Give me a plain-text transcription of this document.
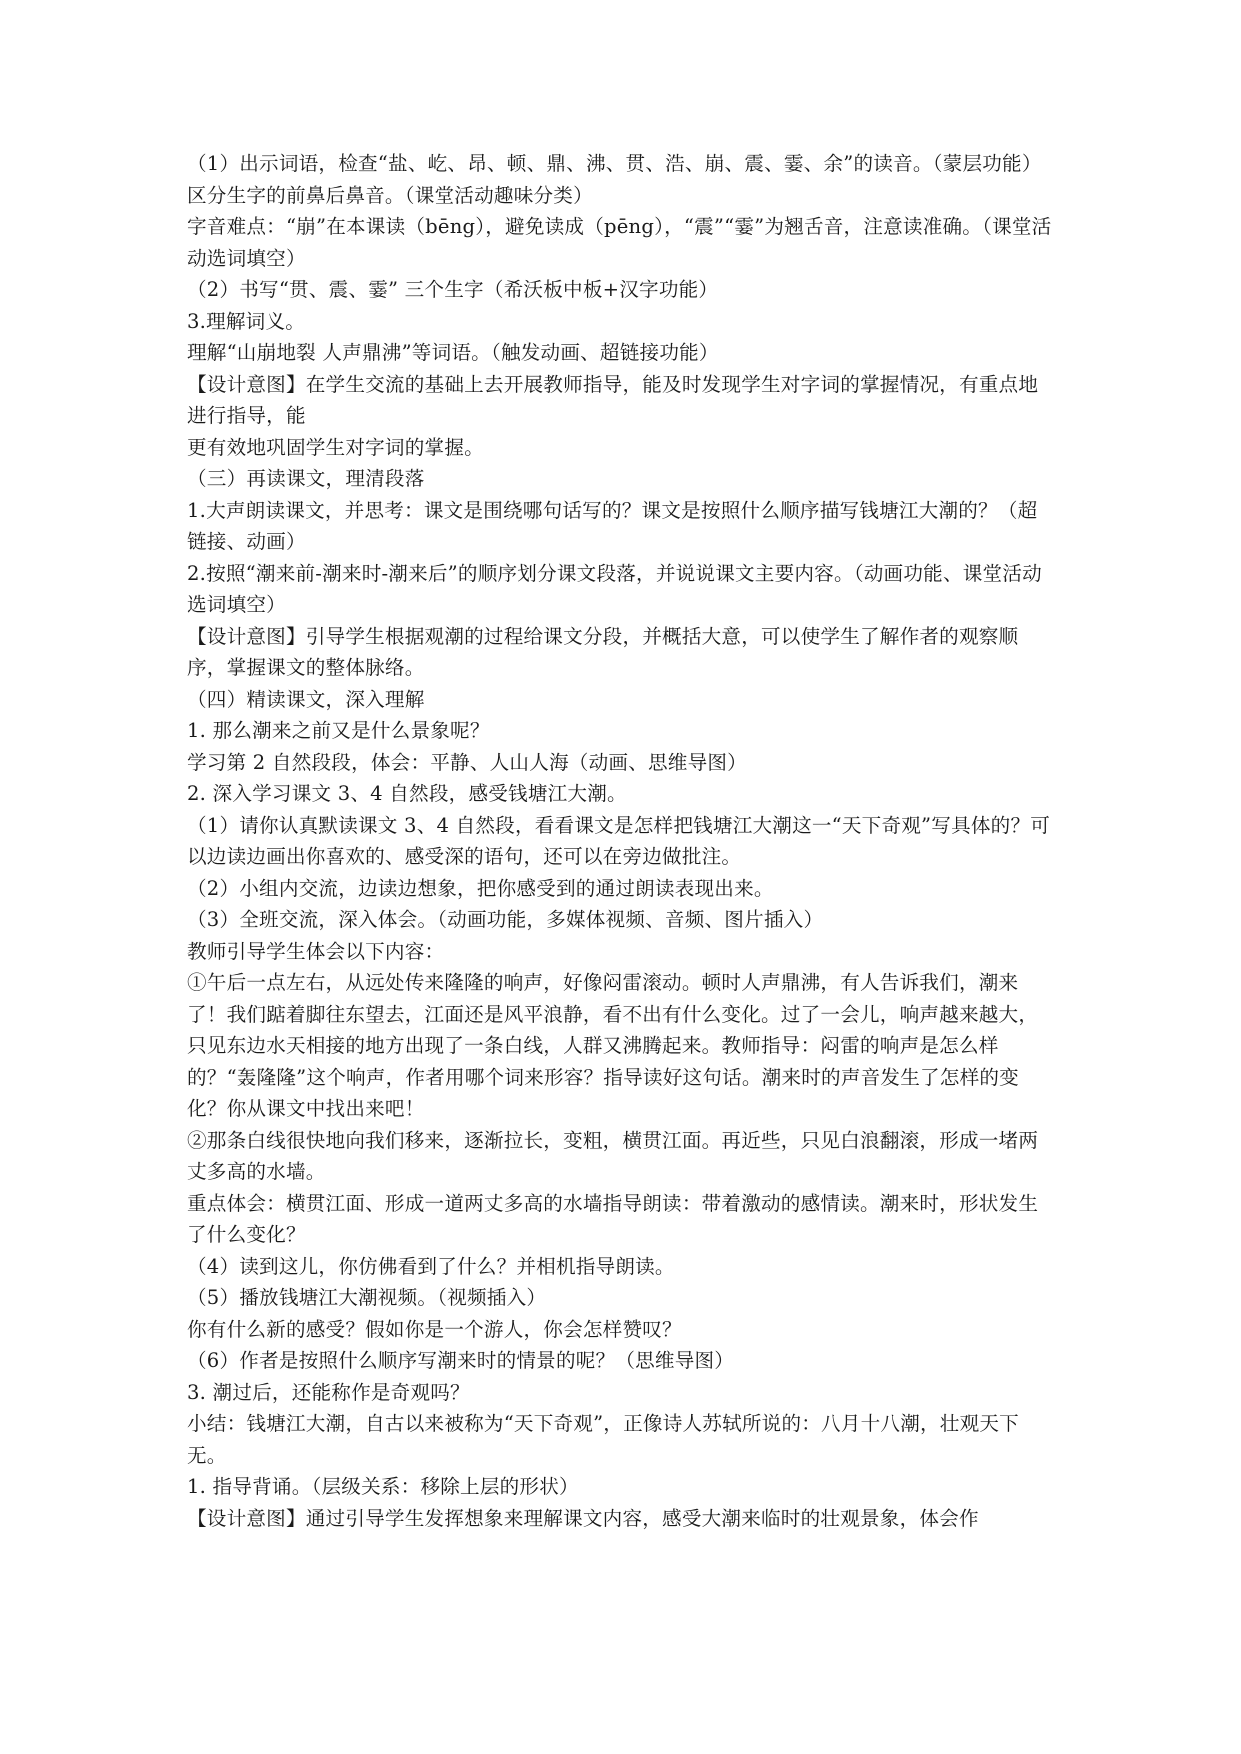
（1）出示词语，检查“盐、屹、昂、顿、鼎、沸、贯、浩、崩、震、霎、余”的读音。（蒙层功能）区分生字的前鼻后鼻音。（课堂活动趣味分类）
字音难点：“崩”在本课读（bēng），避免读成（pēng），“震”“霎”为翘舌音，注意读准确。（课堂活动选词填空）
（2）书写“贯、震、霎” 三个生字（希沃板中板+汉字功能）
3.理解词义。
理解“山崩地裂 人声鼎沸”等词语。（触发动画、超链接功能）
【设计意图】在学生交流的基础上去开展教师指导，能及时发现学生对字词的掌握情况，有重点地进行指导，能
更有效地巩固学生对字词的掌握。
（三）再读课文，理清段落
1.大声朗读课文，并思考：课文是围绕哪句话写的？课文是按照什么顺序描写钱塘江大潮的？（超链接、动画）
2.按照“潮来前-潮来时-潮来后”的顺序划分课文段落，并说说课文主要内容。（动画功能、课堂活动选词填空）
【设计意图】引导学生根据观潮的过程给课文分段，并概括大意，可以使学生了解作者的观察顺序，掌握课文的整体脉络。
（四）精读课文，深入理解
1. 那么潮来之前又是什么景象呢？
学习第 2 自然段段，体会：平静、人山人海（动画、思维导图）
2. 深入学习课文 3、4 自然段，感受钱塘江大潮。
（1）请你认真默读课文 3、4 自然段，看看课文是怎样把钱塘江大潮这一“天下奇观”写具体的？可以边读边画出你喜欢的、感受深的语句，还可以在旁边做批注。
（2）小组内交流，边读边想象，把你感受到的通过朗读表现出来。
（3）全班交流，深入体会。（动画功能，多媒体视频、音频、图片插入）
教师引导学生体会以下内容：
①午后一点左右，从远处传来隆隆的响声，好像闷雷滚动。顿时人声鼎沸，有人告诉我们，潮来了！我们踮着脚往东望去，江面还是风平浪静，看不出有什么变化。过了一会儿，响声越来越大，只见东边水天相接的地方出现了一条白线，人群又沸腾起来。教师指导：闷雷的响声是怎么样的？“轰隆隆”这个响声，作者用哪个词来形容？指导读好这句话。潮来时的声音发生了怎样的变化？你从课文中找出来吧！
②那条白线很快地向我们移来，逐渐拉长，变粗，横贯江面。再近些，只见白浪翻滚，形成一堵两丈多高的水墙。
重点体会：横贯江面、形成一道两丈多高的水墙指导朗读：带着激动的感情读。潮来时，形状发生了什么变化？
（4）读到这儿，你仿佛看到了什么？并相机指导朗读。
（5）播放钱塘江大潮视频。（视频插入）
你有什么新的感受？假如你是一个游人，你会怎样赞叹？
（6）作者是按照什么顺序写潮来时的情景的呢？（思维导图）
3. 潮过后，还能称作是奇观吗？
小结：钱塘江大潮，自古以来被称为“天下奇观”，正像诗人苏轼所说的：八月十八潮，壮观天下无。
1. 指导背诵。（层级关系：移除上层的形状）
【设计意图】通过引导学生发挥想象来理解课文内容，感受大潮来临时的壮观景象，体会作
